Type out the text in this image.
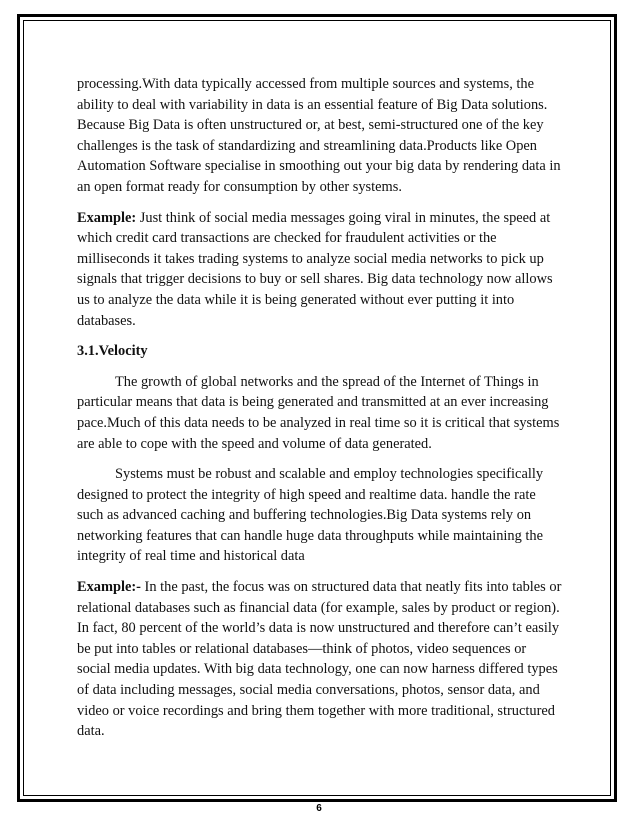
processing.With data typically accessed from multiple sources and systems, the ability to deal with variability in data is an essential feature of Big Data solutions. Because Big Data is often unstructured or, at best, semi-structured one of the key challenges is the task of standardizing and streamlining data.Products like Open Automation Software specialise in smoothing out your big data by rendering data in an open format ready for consumption by other systems.

Example: Just think of social media messages going viral in minutes, the speed at which credit card transactions are checked for fraudulent activities or the milliseconds it takes trading systems to analyze social media networks to pick up signals that trigger decisions to buy or sell shares. Big data technology now allows us to analyze the data while it is being generated without ever putting it into databases.

3.1.Velocity

The growth of global networks and the spread of the Internet of Things in particular means that data is being generated and transmitted at an ever increasing pace.Much of this data needs to be analyzed in real time so it is critical that systems are able to cope with the speed and volume of data generated.

Systems must be robust and scalable and employ technologies specifically designed to protect the integrity of high speed and realtime data. handle the rate such as advanced caching and buffering technologies.Big Data systems rely on networking features that can handle huge data throughputs while maintaining the integrity of real time and historical data

Example:- In the past, the focus was on structured data that neatly fits into tables or relational databases such as financial data (for example, sales by product or region). In fact, 80 percent of the world’s data is now unstructured and therefore can’t easily be put into tables or relational databases—think of photos, video sequences or social media updates. With big data technology, one can now harness differed types of data including messages, social media conversations, photos, sensor data, and video or voice recordings and bring them together with more traditional, structured data.

6
